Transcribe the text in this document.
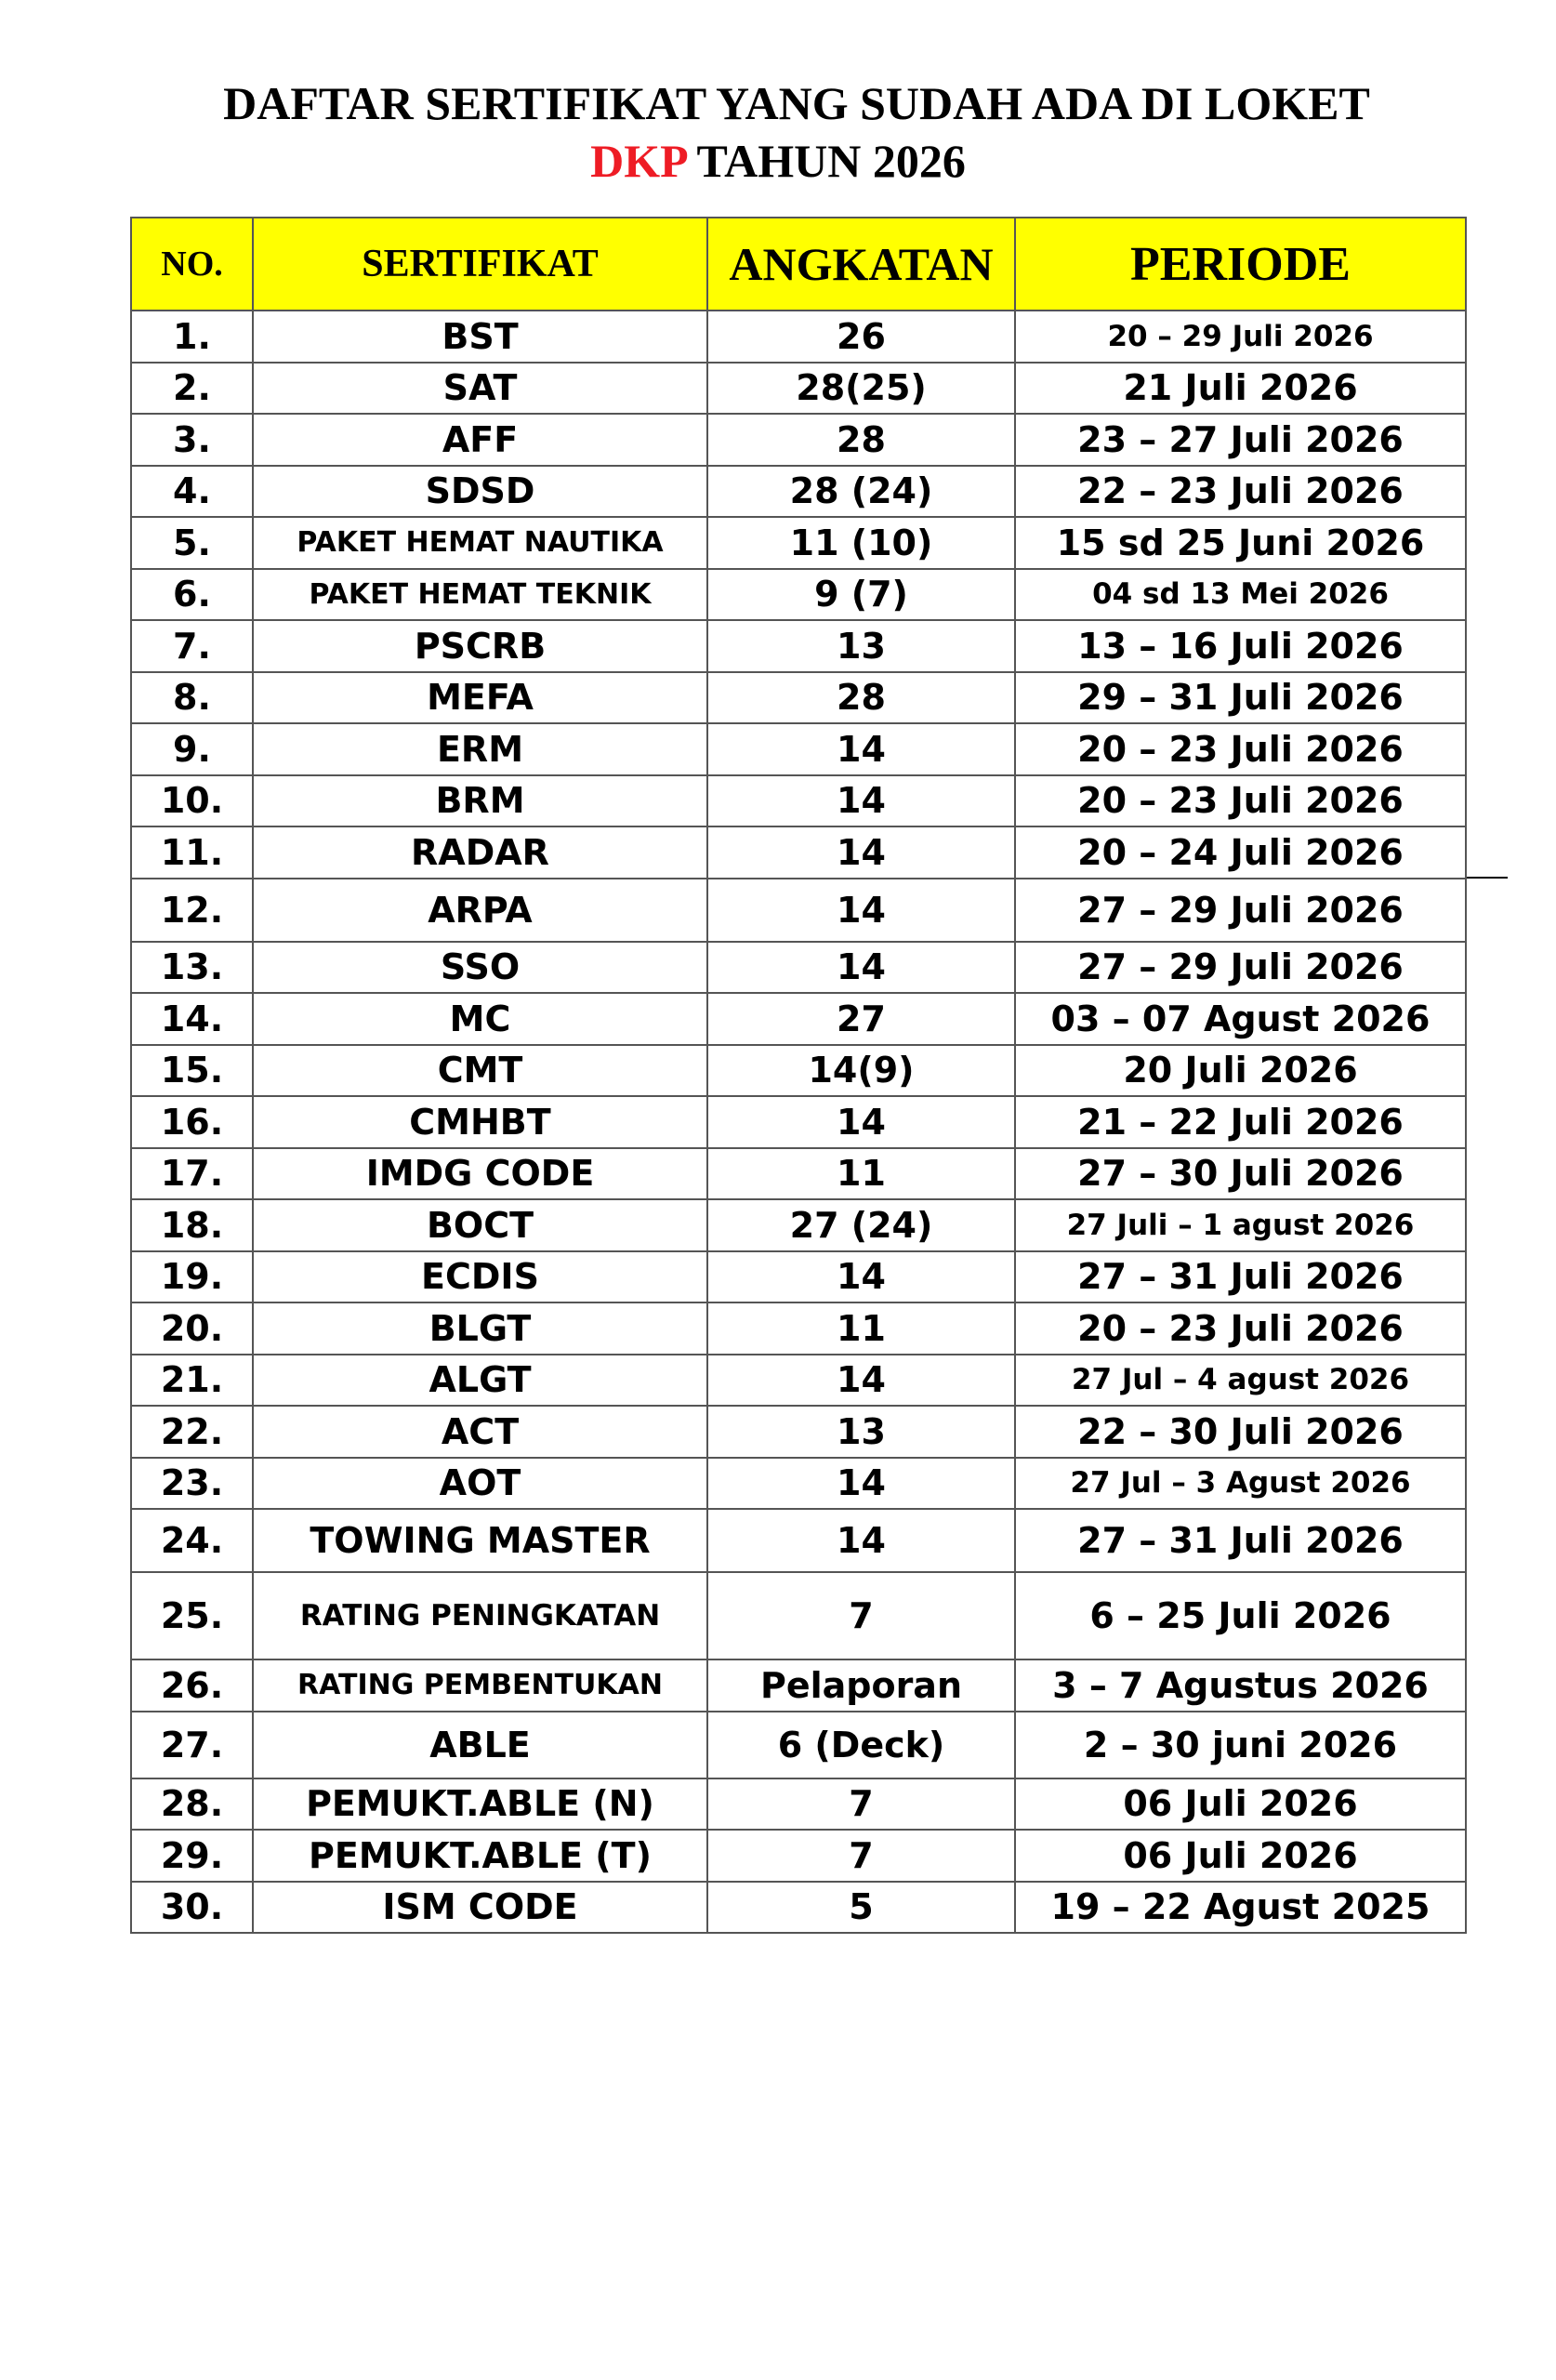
DAFTAR SERTIFIKAT YANG SUDAH ADA DI LOKET
DKP TAHUN 2026
NO.	SERTIFIKAT	ANGKATAN	PERIODE
1.	BST	26	20 – 29 Juli 2026
2.	SAT	28(25)	21 Juli 2026
3.	AFF	28	23 – 27 Juli 2026
4.	SDSD	28 (24)	22 – 23 Juli 2026
5.	PAKET HEMAT NAUTIKA	11 (10)	15 sd 25 Juni 2026
6.	PAKET HEMAT TEKNIK	9 (7)	04 sd 13 Mei 2026
7.	PSCRB	13	13 – 16 Juli 2026
8.	MEFA	28	29 – 31 Juli 2026
9.	ERM	14	20 – 23 Juli 2026
10.	BRM	14	20 – 23 Juli 2026
11.	RADAR	14	20 – 24 Juli 2026
12.	ARPA	14	27 – 29 Juli 2026
13.	SSO	14	27 – 29 Juli 2026
14.	MC	27	03 – 07 Agust 2026
15.	CMT	14(9)	20 Juli 2026
16.	CMHBT	14	21 – 22 Juli 2026
17.	IMDG CODE	11	27 – 30 Juli 2026
18.	BOCT	27 (24)	27 Juli – 1 agust 2026
19.	ECDIS	14	27 – 31 Juli 2026
20.	BLGT	11	20 – 23 Juli 2026
21.	ALGT	14	27 Jul – 4 agust 2026
22.	ACT	13	22 – 30 Juli 2026
23.	AOT	14	27 Jul – 3 Agust 2026
24.	TOWING MASTER	14	27 – 31 Juli 2026
25.	RATING PENINGKATAN	7	6 – 25 Juli 2026
26.	RATING PEMBENTUKAN	Pelaporan	3 – 7 Agustus 2026
27.	ABLE	6 (Deck)	2 – 30 juni 2026
28.	PEMUKT.ABLE (N)	7	06 Juli 2026
29.	PEMUKT.ABLE (T)	7	06 Juli 2026
30.	ISM CODE	5	19 – 22 Agust 2025
